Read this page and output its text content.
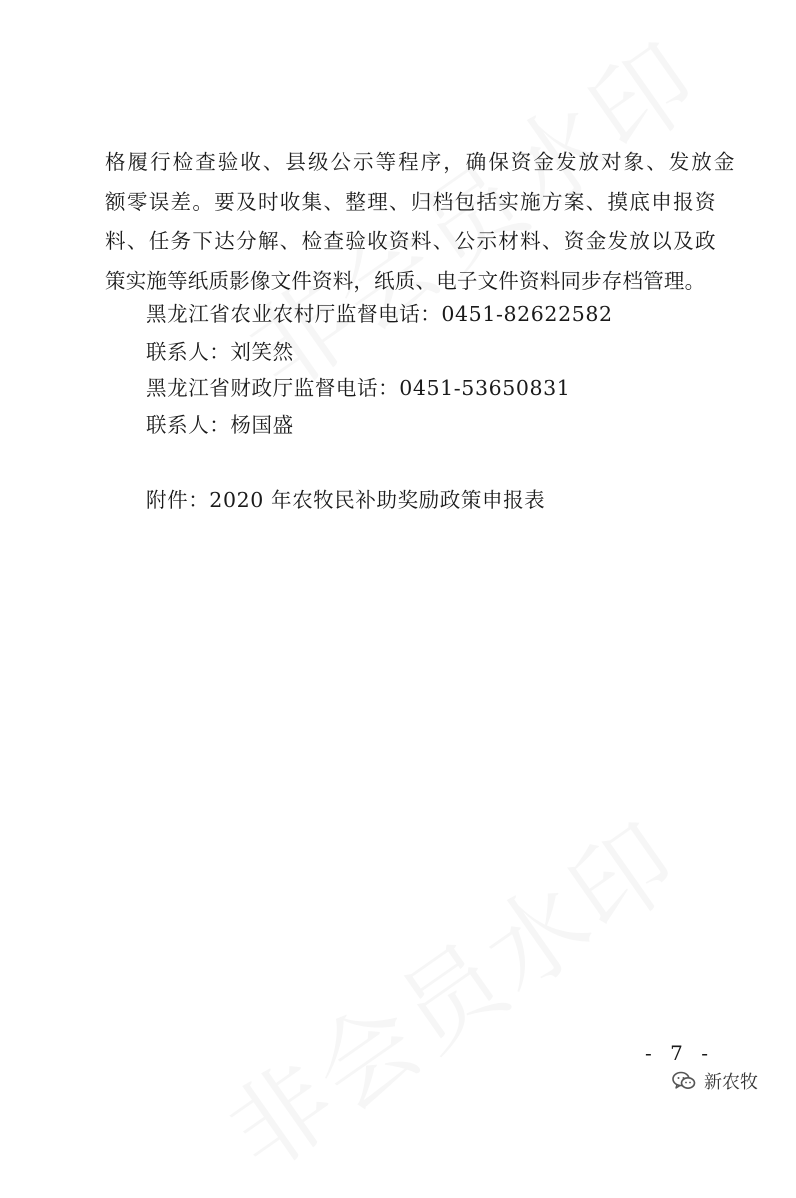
格履行检查验收、县级公示等程序，确保资金发放对象、发放金
额零误差。要及时收集、整理、归档包括实施方案、摸底申报资
料、任务下达分解、检查验收资料、公示材料、资金发放以及政
策实施等纸质影像文件资料，纸质、电子文件资料同步存档管理。
黑龙江省农业农村厅监督电话：0451-82622582
联系人：刘笑然
黑龙江省财政厅监督电话：0451-53650831
联系人：杨国盛
附件：2020 年农牧民补助奖励政策申报表
- 7 -
新农牧
